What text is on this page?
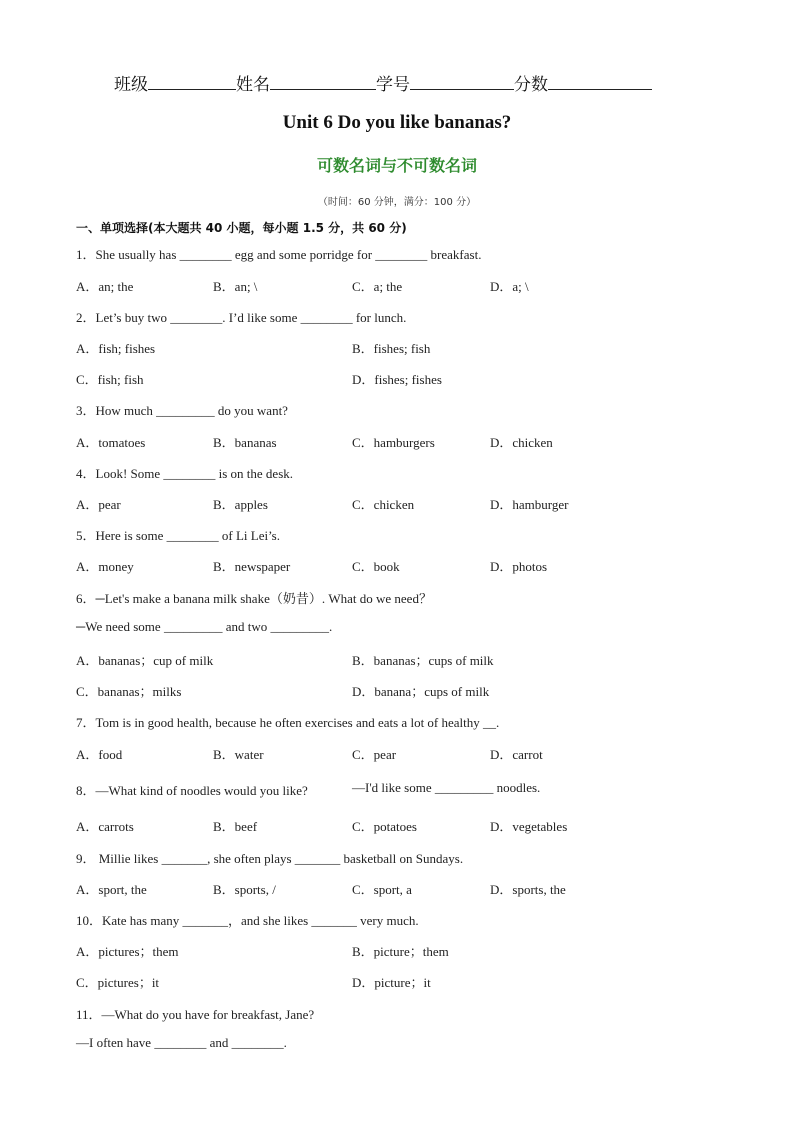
班级	姓名	学号	分数
Unit 6 Do you like bananas?
可数名词与不可数名词
（时间：60 分钟，满分：100 分）
一、单项选择(本大题共 40 小题，每小题 1.5 分，共 60 分)
1．She usually has ________ egg and some porridge for ________ breakfast.
A．an; the	B．an; \	C．a; the	D．a; \
2．Let’s buy two ________. I’d like some ________ for lunch.
A．fish; fishes	B．fishes; fish
C．fish; fish	D．fishes; fishes
3．How much _________ do you want?
A．tomatoes	B．bananas	C．hamburgers	D．chicken
4．Look! Some ________ is on the desk.
A．pear	B．apples	C．chicken	D．hamburger
5．Here is some ________ of Li Lei’s.
A．money	B．newspaper	C．book	D．photos
6．─Let's make a banana milk shake（奶昔）. What do we need？
─We need some _________ and two _________.
A．bananas；cup of milk	B．bananas；cups of milk
C．bananas；milks	D．banana；cups of milk
7．Tom is in good health, because he often exercises and eats a lot of healthy __.
A．food	B．water	C．pear	D．carrot
8．—What kind of noodles would you like?	—I'd like some _________ noodles.
A．carrots	B．beef	C．potatoes	D．vegetables
9． Millie likes _______, she often plays _______ basketball on Sundays.
A．sport, the	B．sports, /	C．sport, a	D．sports, the
10．Kate has many _______，and she likes _______ very much.
A．pictures；them	B．picture；them
C．pictures；it	D．picture；it
11．—What do you have for breakfast, Jane?
—I often have ________ and ________.
